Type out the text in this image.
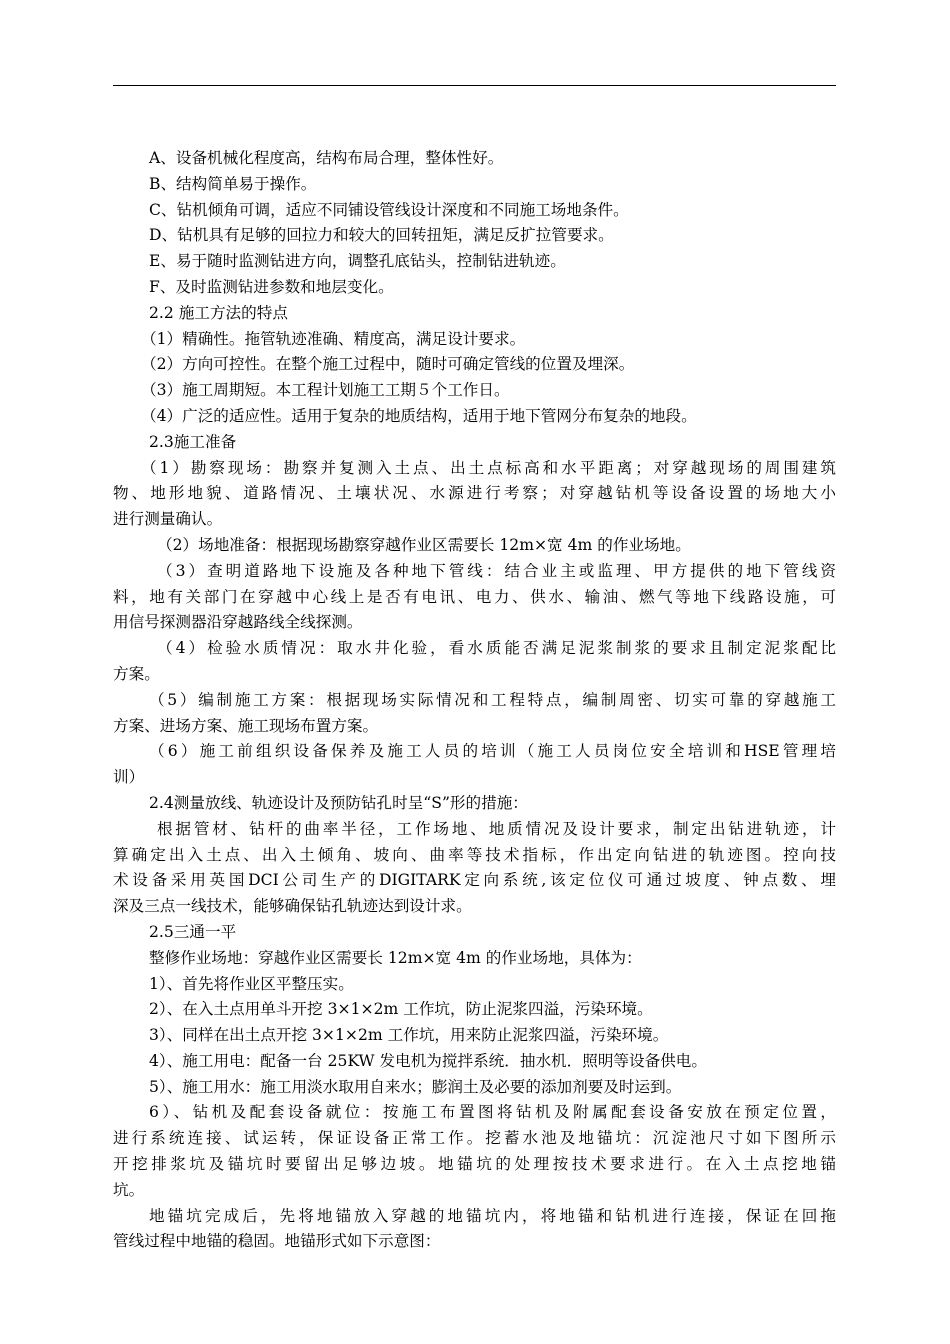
A、设备机械化程度高，结构布局合理，整体性好。
B、结构简单易于操作。
C、钻机倾角可调，适应不同铺设管线设计深度和不同施工场地条件。
D、钻机具有足够的回拉力和较大的回转扭矩，满足反扩拉管要求。
E、易于随时监测钻进方向，调整孔底钻头，控制钻进轨迹。
F、及时监测钻进参数和地层变化。
2.2 施工方法的特点
（1）精确性。拖管轨迹准确、精度高，满足设计要求。
（2）方向可控性。在整个施工过程中，随时可确定管线的位置及埋深。
（3）施工周期短。本工程计划施工工期５个工作日。
（4）广泛的适应性。适用于复杂的地质结构，适用于地下管网分布复杂的地段。
2.3施工准备
（1）勘察现场：勘察并复测入土点、出土点标高和水平距离；对穿越现场的周围建筑
物、地形地貌、道路情况、土壤状况、水源进行考察；对穿越钻机等设备设置的场地大小
进行测量确认。
（2）场地准备：根据现场勘察穿越作业区需要长 12m×宽 4m 的作业场地。
（3）查明道路地下设施及各种地下管线：结合业主或监理、甲方提供的地下管线资
料，地有关部门在穿越中心线上是否有电讯、电力、供水、输油、燃气等地下线路设施，可
用信号探测器沿穿越路线全线探测。
（4）检验水质情况：取水井化验，看水质能否满足泥浆制浆的要求且制定泥浆配比
方案。
（5）编制施工方案：根据现场实际情况和工程特点，编制周密、切实可靠的穿越施工
方案、进场方案、施工现场布置方案。
（6）施工前组织设备保养及施工人员的培训（施工人员岗位安全培训和HSE管理培
训）
2.4测量放线、轨迹设计及预防钻孔时呈“S”形的措施：
根据管材、钻杆的曲率半径，工作场地、地质情况及设计要求，制定出钻进轨迹，计
算确定出入土点、出入土倾角、坡向、曲率等技术指标，作出定向钻进的轨迹图。控向技
术设备采用英国DCI公司生产的DIGITARK定向系统,该定位仪可通过坡度、钟点数、埋
深及三点一线技术，能够确保钻孔轨迹达到设计求。
2.5三通一平
整修作业场地：穿越作业区需要长 12m×宽 4m 的作业场地，具体为：
1）、首先将作业区平整压实。
2）、在入土点用单斗开挖 3×1×2m 工作坑，防止泥浆四溢，污染环境。
3）、同样在出土点开挖 3×1×2m 工作坑，用来防止泥浆四溢，污染环境。
4）、施工用电：配备一台 25KW 发电机为搅拌系统．抽水机．照明等设备供电。
5）、施工用水：施工用淡水取用自来水；膨润土及必要的添加剂要及时运到。
6）、钻机及配套设备就位：按施工布置图将钻机及附属配套设备安放在预定位置，
进行系统连接、试运转，保证设备正常工作。挖蓄水池及地锚坑：沉淀池尺寸如下图所示
开挖排浆坑及锚坑时要留出足够边坡。地锚坑的处理按技术要求进行。在入土点挖地锚
坑。
地锚坑完成后，先将地锚放入穿越的地锚坑内，将地锚和钻机进行连接，保证在回拖
管线过程中地锚的稳固。地锚形式如下示意图：
